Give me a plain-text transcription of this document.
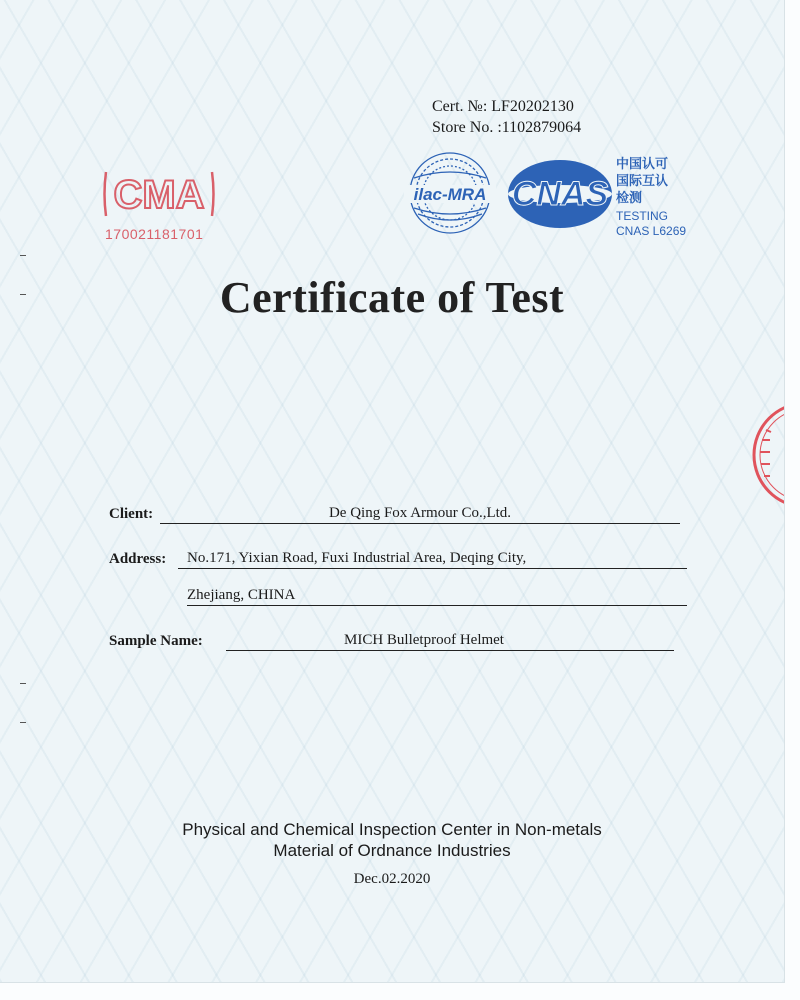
Cert. №: LF20202130
Store No. :1102879064
CMA
170021181701
ilac-MRA CNAS
中国认可
国际互认
检测
TESTING
CNAS L6269
Certificate of Test
Client:	De Qing Fox Armour Co.,Ltd.
Address: No.171, Yixian Road, Fuxi Industrial Area, Deqing City,
Zhejiang, CHINA
Sample Name:	MICH Bulletproof Helmet
Physical and Chemical Inspection Center in Non-metals
Material of Ordnance Industries
Dec.02.2020
